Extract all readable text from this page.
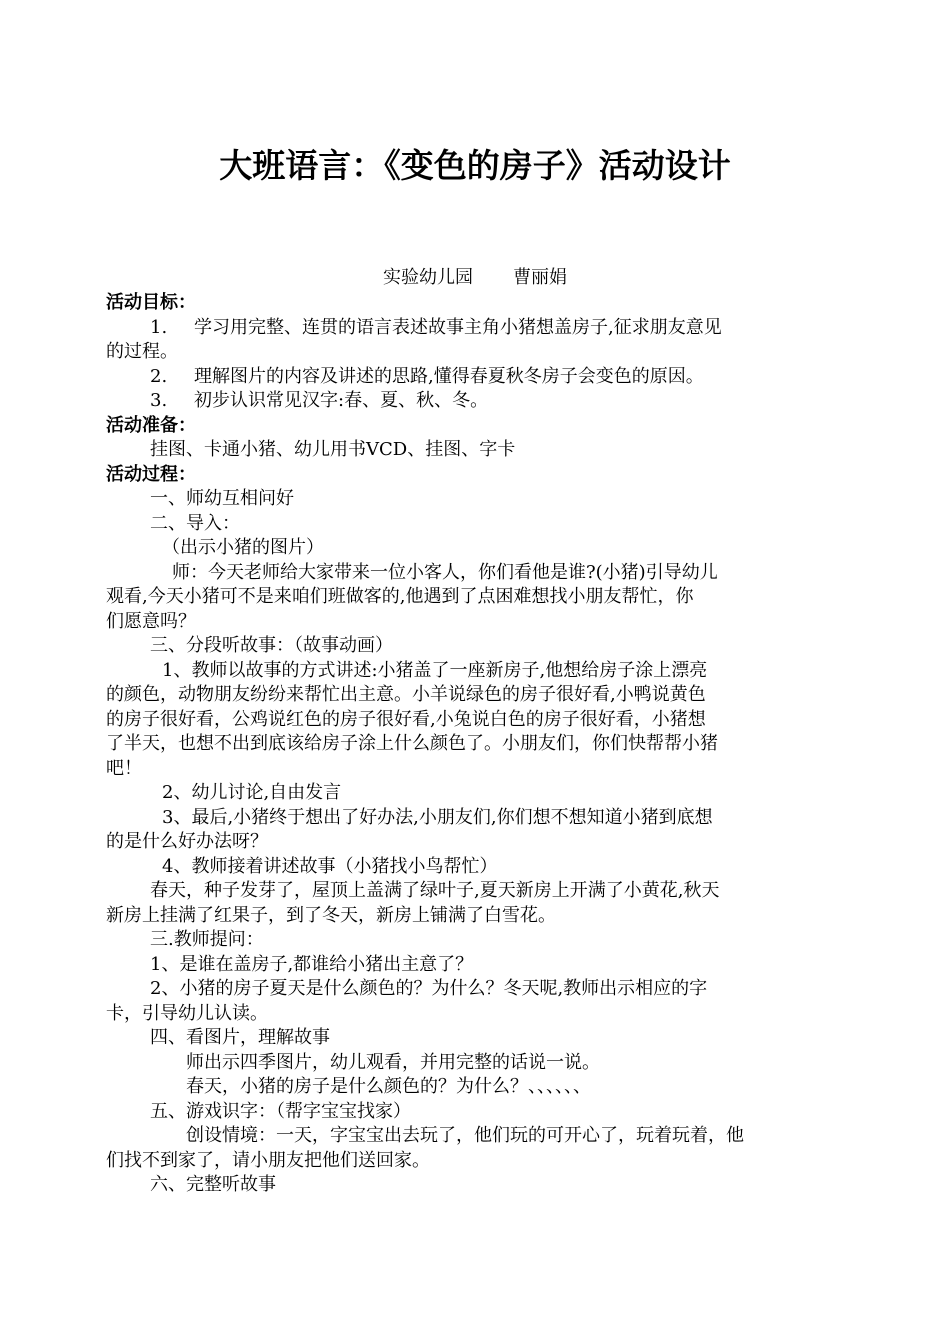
大班语言：《变色的房子》活动设计
实验幼儿园 曹丽娟
活动目标：
1. 学习用完整、连贯的语言表述故事主角小猪想盖房子,征求朋友意见
的过程。
2. 理解图片的内容及讲述的思路,懂得春夏秋冬房子会变色的原因。
3. 初步认识常见汉字:春、夏、秋、冬。
活动准备：
挂图、卡通小猪、幼儿用书VCD、挂图、字卡
活动过程：
一、师幼互相问好
二、导入：
（出示小猪的图片）
师：今天老师给大家带来一位小客人，你们看他是谁?(小猪)引导幼儿
观看,今天小猪可不是来咱们班做客的,他遇到了点困难想找小朋友帮忙，你
们愿意吗？
三、分段听故事：（故事动画）
1、教师以故事的方式讲述:小猪盖了一座新房子,他想给房子涂上漂亮
的颜色，动物朋友纷纷来帮忙出主意。小羊说绿色的房子很好看,小鸭说黄色
的房子很好看，公鸡说红色的房子很好看,小兔说白色的房子很好看，小猪想
了半天，也想不出到底该给房子涂上什么颜色了。小朋友们，你们快帮帮小猪
吧！
2、幼儿讨论,自由发言
3、最后,小猪终于想出了好办法,小朋友们,你们想不想知道小猪到底想
的是什么好办法呀？
4、教师接着讲述故事（小猪找小鸟帮忙）
春天，种子发芽了，屋顶上盖满了绿叶子,夏天新房上开满了小黄花,秋天
新房上挂满了红果子，到了冬天，新房上铺满了白雪花。
三.教师提问：
1、是谁在盖房子,都谁给小猪出主意了？
2、小猪的房子夏天是什么颜色的？为什么？冬天呢,教师出示相应的字
卡，引导幼儿认读。
四、看图片，理解故事
师出示四季图片，幼儿观看，并用完整的话说一说。
春天，小猪的房子是什么颜色的？为什么？、、、、、、
五、游戏识字：（帮字宝宝找家）
创设情境：一天，字宝宝出去玩了，他们玩的可开心了，玩着玩着，他
们找不到家了，请小朋友把他们送回家。
六、完整听故事
